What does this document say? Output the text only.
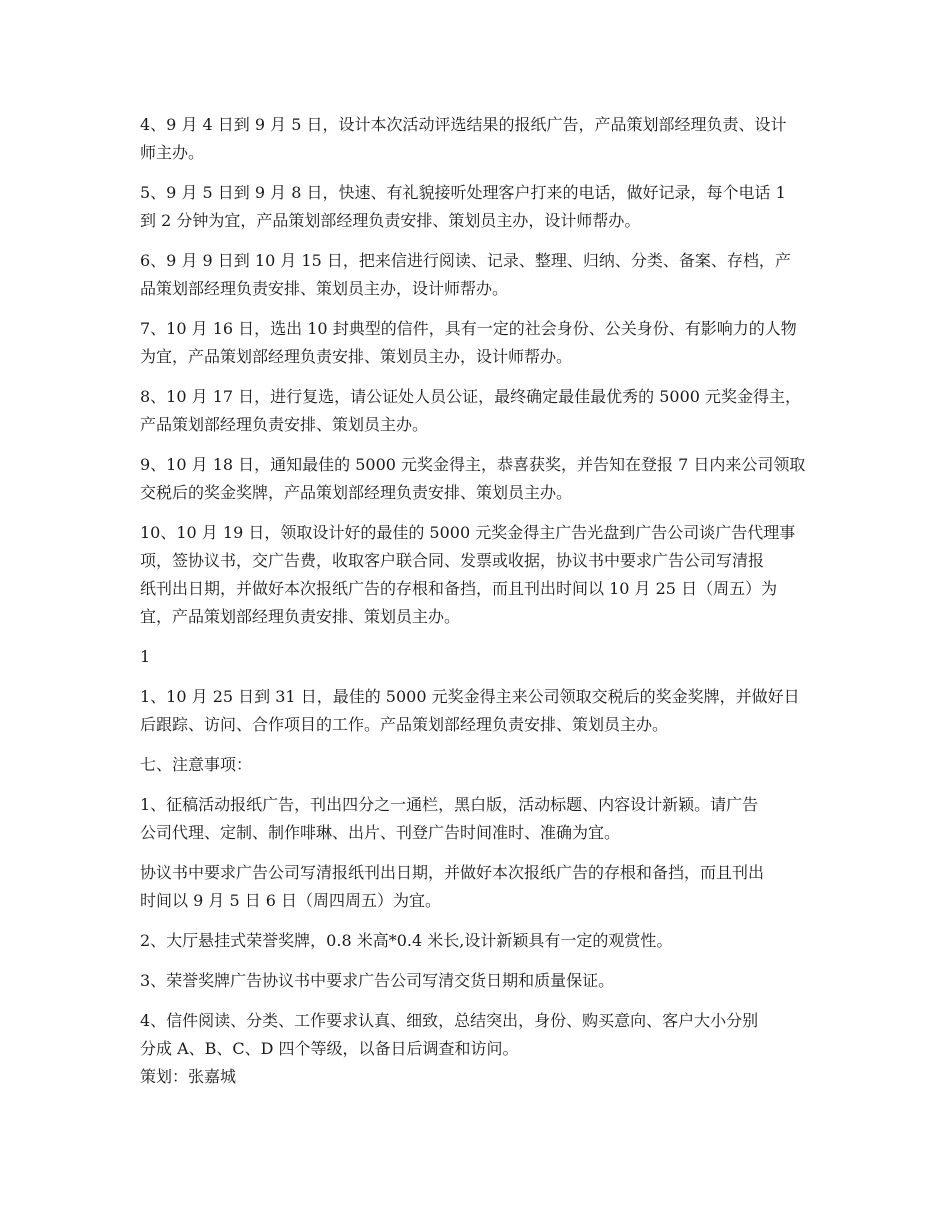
4、9 月 4 日到 9 月 5 日，设计本次活动评选结果的报纸广告，产品策划部经理负责、设计
师主办。

5、9 月 5 日到 9 月 8 日，快速、有礼貌接听处理客户打来的电话，做好记录，每个电话 1
到 2 分钟为宜，产品策划部经理负责安排、策划员主办，设计师帮办。

6、9 月 9 日到 10 月 15 日，把来信进行阅读、记录、整理、归纳、分类、备案、存档，产
品策划部经理负责安排、策划员主办，设计师帮办。

7、10 月 16 日，选出 10 封典型的信件，具有一定的社会身份、公关身份、有影响力的人物
为宜，产品策划部经理负责安排、策划员主办，设计师帮办。

8、10 月 17 日，进行复选，请公证处人员公证，最终确定最佳最优秀的 5000 元奖金得主，
产品策划部经理负责安排、策划员主办。

9、10 月 18 日，通知最佳的 5000 元奖金得主，恭喜获奖，并告知在登报 7 日内来公司领取
交税后的奖金奖牌，产品策划部经理负责安排、策划员主办。

10、10 月 19 日，领取设计好的最佳的 5000 元奖金得主广告光盘到广告公司谈广告代理事
项，签协议书，交广告费，收取客户联合同、发票或收据，协议书中要求广告公司写清报
纸刊出日期，并做好本次报纸广告的存根和备挡，而且刊出时间以 10 月 25 日（周五）为
宜，产品策划部经理负责安排、策划员主办。

1

1、10 月 25 日到 31 日，最佳的 5000 元奖金得主来公司领取交税后的奖金奖牌，并做好日
后跟踪、访问、合作项目的工作。产品策划部经理负责安排、策划员主办。

七、注意事项：

1、征稿活动报纸广告，刊出四分之一通栏，黑白版，活动标题、内容设计新颖。请广告
公司代理、定制、制作啡琳、出片、刊登广告时间准时、准确为宜。

协议书中要求广告公司写清报纸刊出日期，并做好本次报纸广告的存根和备挡，而且刊出
时间以 9 月 5 日 6 日（周四周五）为宜。

2、大厅悬挂式荣誉奖牌，0.8 米高*0.4 米长,设计新颖具有一定的观赏性。

3、荣誉奖牌广告协议书中要求广告公司写清交货日期和质量保证。

4、信件阅读、分类、工作要求认真、细致，总结突出，身份、购买意向、客户大小分别
分成 A、B、C、D 四个等级，以备日后调查和访问。

策划：张嘉城
